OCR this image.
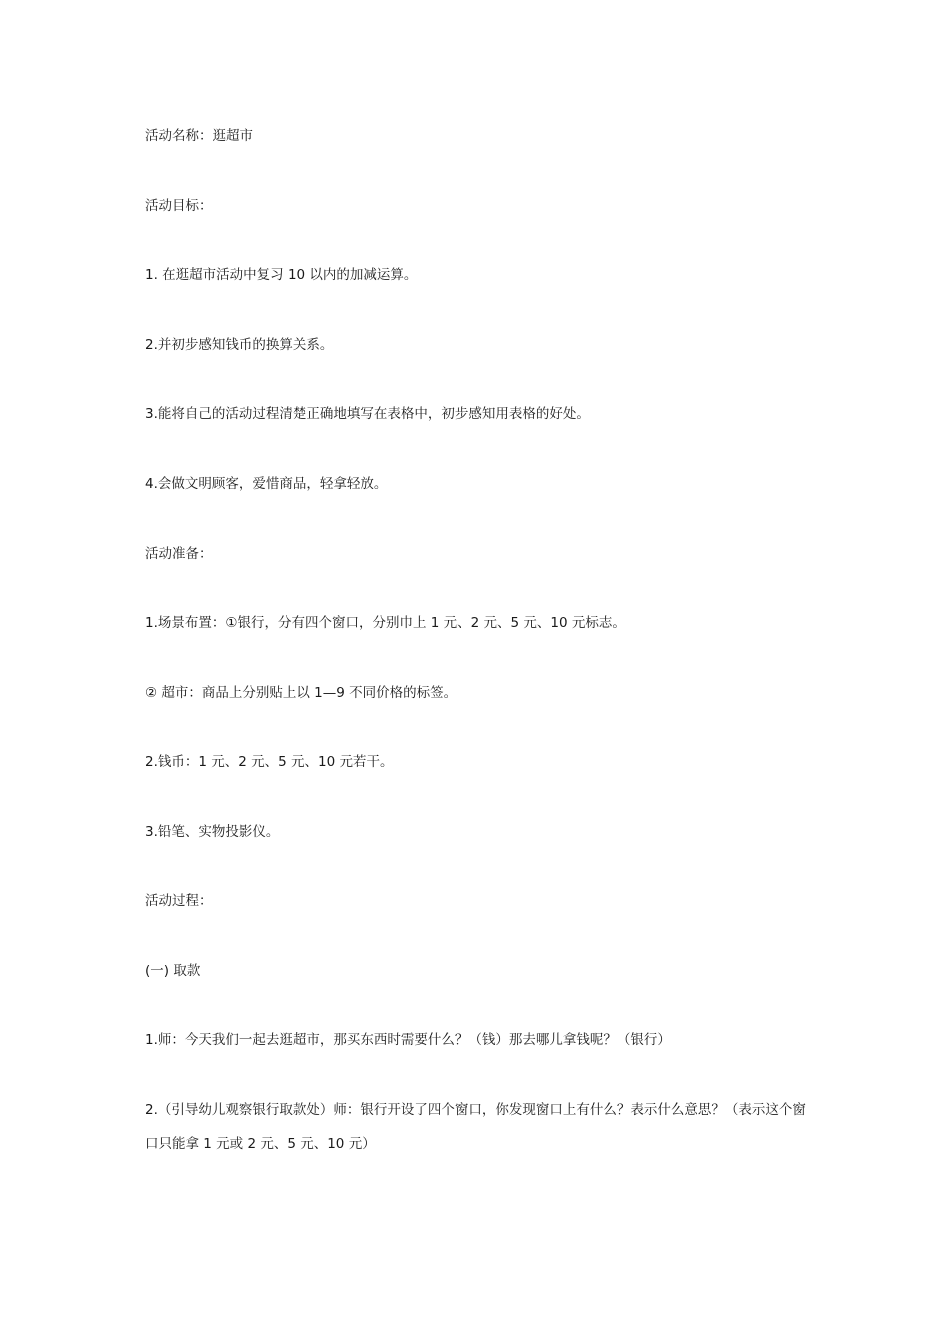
活动名称：逛超市
活动目标：
1. 在逛超市活动中复习 10 以内的加减运算。
2.并初步感知钱币的换算关系。
3.能将自己的活动过程清楚正确地填写在表格中，初步感知用表格的好处。
4.会做文明顾客，爱惜商品，轻拿轻放。
活动准备：
1.场景布置：①银行，分有四个窗口，分别巾上 1 元、2 元、5 元、10 元标志。
② 超市：商品上分别贴上以 1—9 不同价格的标签。
2.钱币：1 元、2 元、5 元、10 元若干。
3.铅笔、实物投影仪。
活动过程：
(一) 取款
1.师：今天我们一起去逛超市，那买东西时需要什么？（钱）那去哪儿拿钱呢？（银行）
2.（引导幼儿观察银行取款处）师：银行开设了四个窗口，你发现窗口上有什么？表示什么意思？（表示这个窗口只能拿 1 元或 2 元、5 元、10 元）
